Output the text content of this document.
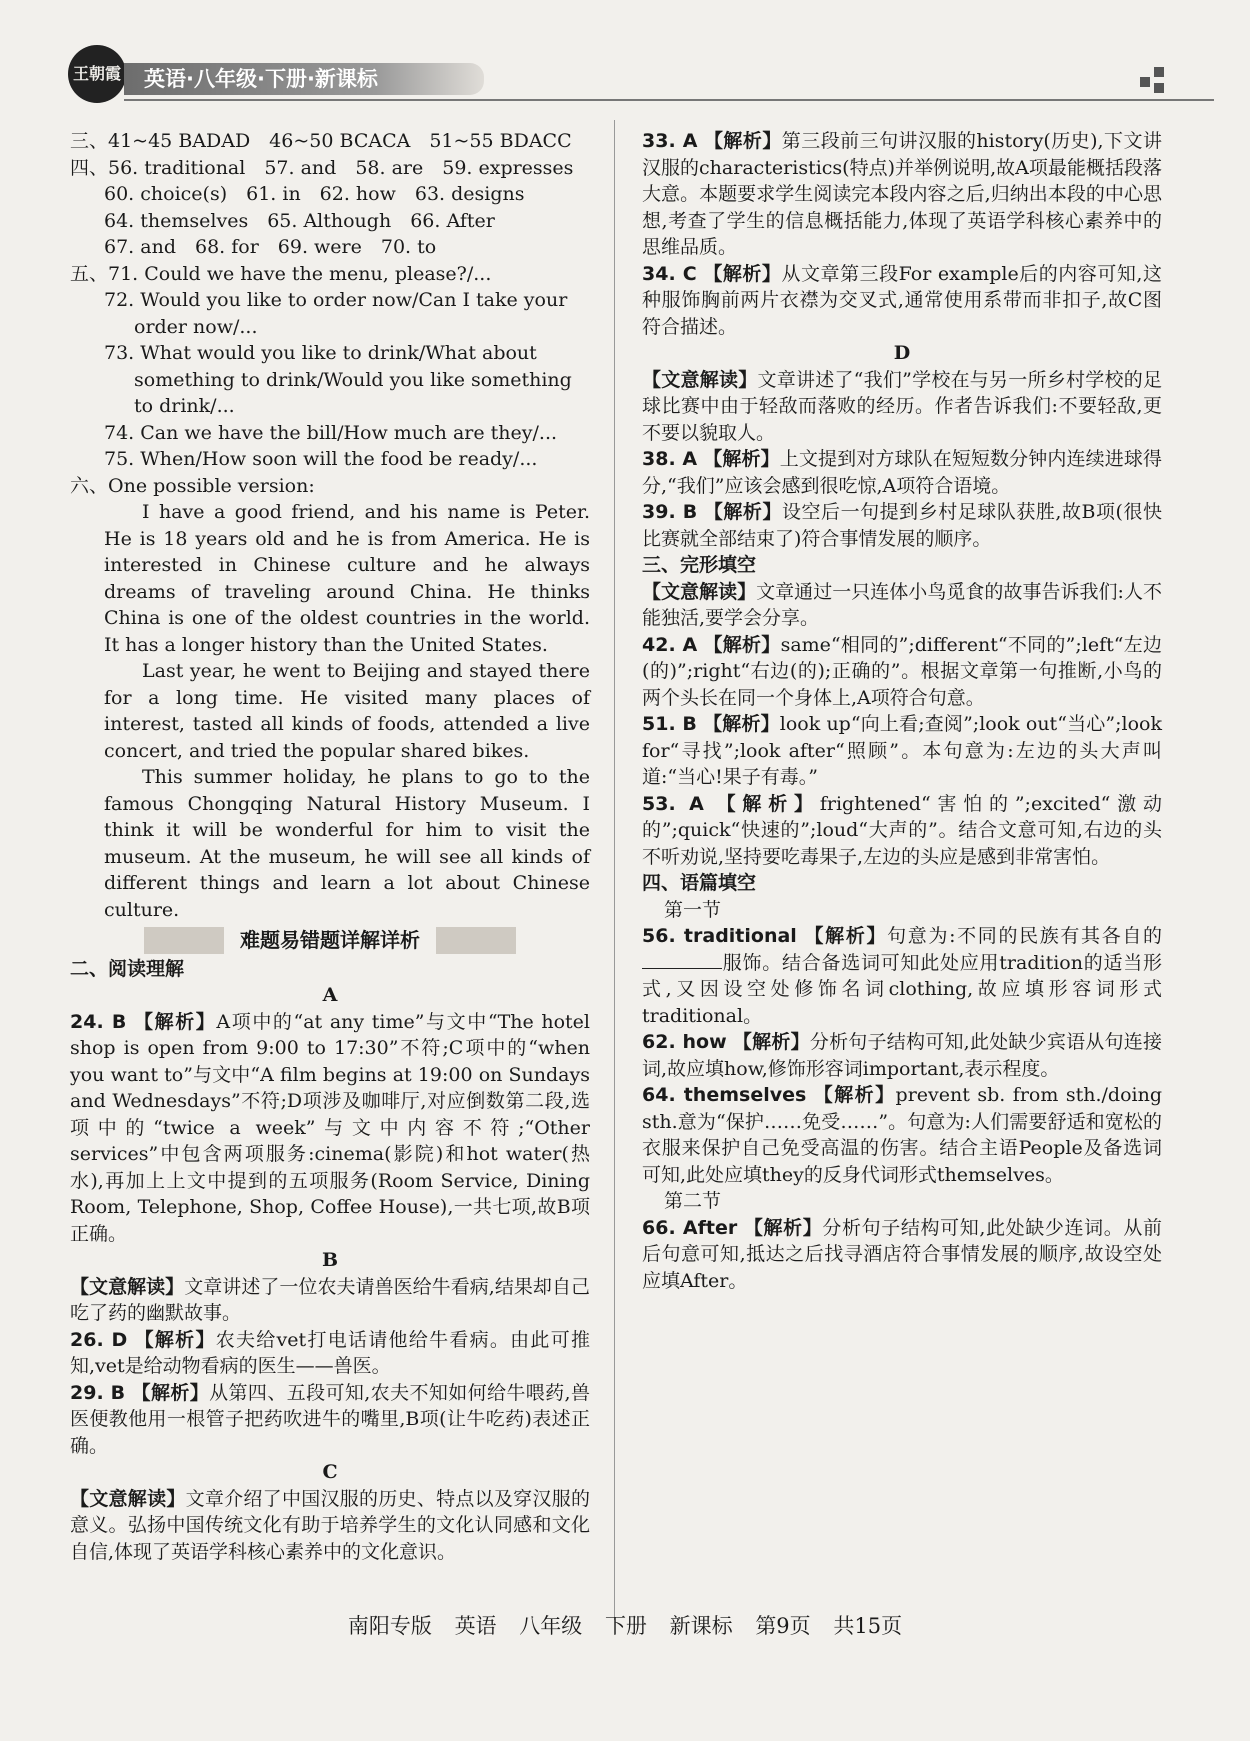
王朝霞 英语·八年级·下册·新课标

三、41~45 BADAD　46~50 BCACA　51~55 BDACC

四、56. traditional　57. and　58. are　59. expresses

60. choice(s)　61. in　62. how　63. designs

64. themselves　65. Although　66. After

67. and　68. for　69. were　70. to

五、71. Could we have the menu, please?/...

72. Would you like to order now/Can I take your order now/...

73. What would you like to drink/What about something to drink/Would you like something to drink/...

74. Can we have the bill/How much are they/...

75. When/How soon will the food be ready/...

六、One possible version:

I have a good friend, and his name is Peter. He is 18 years old and he is from America. He is interested in Chinese culture and he always dreams of traveling around China. He thinks China is one of the oldest countries in the world. It has a longer history than the United States.

Last year, he went to Beijing and stayed there for a long time. He visited many places of interest, tasted all kinds of foods, attended a live concert, and tried the popular shared bikes.

This summer holiday, he plans to go to the famous Chongqing Natural History Museum. I think it will be wonderful for him to visit the museum. At the museum, he will see all kinds of different things and learn a lot about Chinese culture.

难题易错题详解详析

二、阅读理解

A

24. B 【解析】A项中的“at any time”与文中“The hotel shop is open from 9:00 to 17:30”不符;C项中的“when you want to”与文中“A film begins at 19:00 on Sundays and Wednesdays”不符;D项涉及咖啡厅,对应倒数第二段,选项中的“twice a week”与文中内容不符;“Other services”中包含两项服务:cinema(影院)和hot water(热水),再加上上文中提到的五项服务(Room Service, Dining Room, Telephone, Shop, Coffee House),一共七项,故B项正确。

B

【文意解读】文章讲述了一位农夫请兽医给牛看病,结果却自己吃了药的幽默故事。

26. D 【解析】农夫给vet打电话请他给牛看病。由此可推知,vet是给动物看病的医生——兽医。

29. B 【解析】从第四、五段可知,农夫不知如何给牛喂药,兽医便教他用一根管子把药吹进牛的嘴里,B项(让牛吃药)表述正确。

C

【文意解读】文章介绍了中国汉服的历史、特点以及穿汉服的意义。弘扬中国传统文化有助于培养学生的文化认同感和文化自信,体现了英语学科核心素养中的文化意识。

33. A 【解析】第三段前三句讲汉服的history(历史),下文讲汉服的characteristics(特点)并举例说明,故A项最能概括段落大意。本题要求学生阅读完本段内容之后,归纳出本段的中心思想,考查了学生的信息概括能力,体现了英语学科核心素养中的思维品质。

34. C 【解析】从文章第三段For example后的内容可知,这种服饰胸前两片衣襟为交叉式,通常使用系带而非扣子,故C图符合描述。

D

【文意解读】文章讲述了“我们”学校在与另一所乡村学校的足球比赛中由于轻敌而落败的经历。作者告诉我们:不要轻敌,更不要以貌取人。

38. A 【解析】上文提到对方球队在短短数分钟内连续进球得分,“我们”应该会感到很吃惊,A项符合语境。

39. B 【解析】设空后一句提到乡村足球队获胜,故B项(很快比赛就全部结束了)符合事情发展的顺序。

三、完形填空

【文意解读】文章通过一只连体小鸟觅食的故事告诉我们:人不能独活,要学会分享。

42. A 【解析】same“相同的”;different“不同的”;left“左边(的)”;right“右边(的);正确的”。根据文章第一句推断,小鸟的两个头长在同一个身体上,A项符合句意。

51. B 【解析】look up“向上看;查阅”;look out“当心”;look for“寻找”;look after“照顾”。本句意为:左边的头大声叫道:“当心!果子有毒。”

53. A 【解析】frightened“害怕的”;excited“激动的”;quick“快速的”;loud“大声的”。结合文意可知,右边的头不听劝说,坚持要吃毒果子,左边的头应是感到非常害怕。

四、语篇填空

第一节

56. traditional 【解析】句意为:不同的民族有其各自的服饰。结合备选词可知此处应用tradition的适当形式,又因设空处修饰名词clothing,故应填形容词形式traditional。

62. how 【解析】分析句子结构可知,此处缺少宾语从句连接词,故应填how,修饰形容词important,表示程度。

64. themselves 【解析】prevent sb. from sth./doing sth.意为“保护……免受……”。句意为:人们需要舒适和宽松的衣服来保护自己免受高温的伤害。结合主语People及备选词可知,此处应填they的反身代词形式themselves。

第二节

66. After 【解析】分析句子结构可知,此处缺少连词。从前后句意可知,抵达之后找寻酒店符合事情发展的顺序,故设空处应填After。

南阳专版 英语 八年级 下册 新课标 第9页 共15页
